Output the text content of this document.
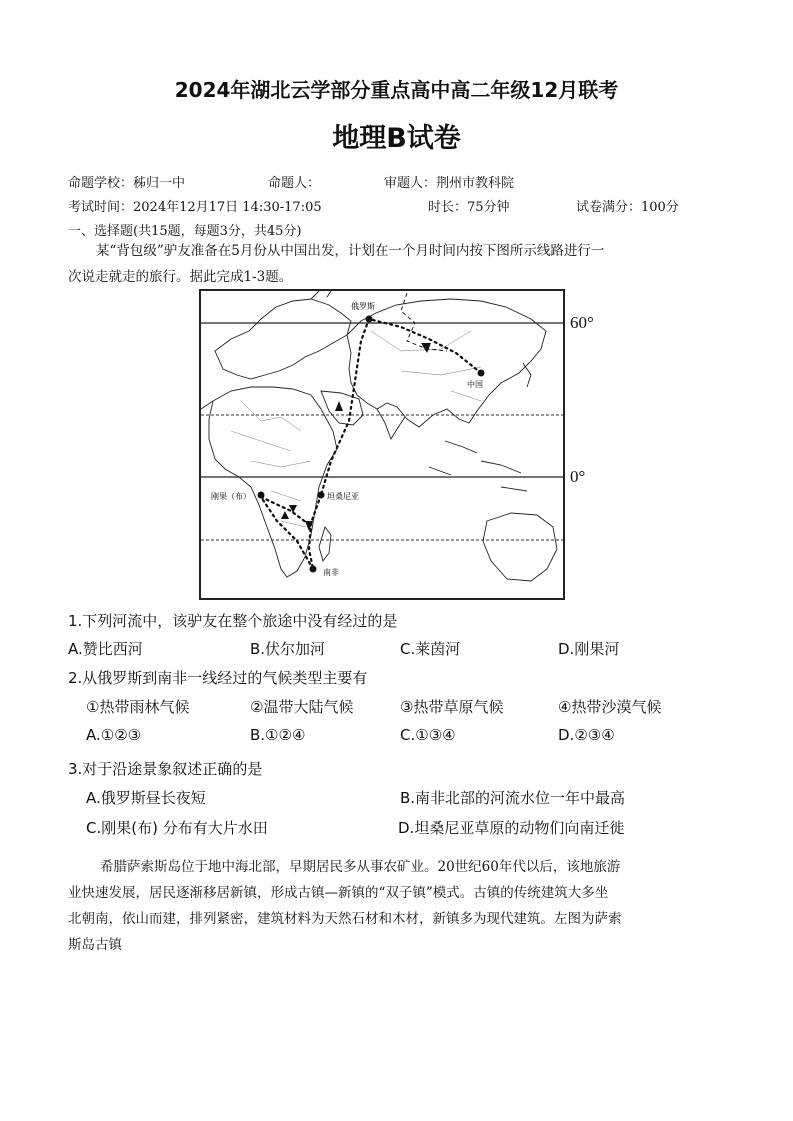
2024年湖北云学部分重点高中高二年级12月联考
地理B试卷
命题学校：秭归一中	命题人：	审题人：荆州市教科院
考试时间：2024年12月17日 14:30-17:05	时长：75分钟	试卷满分：100分
一、选择题(共15题，每题3分，共45分)
某“背包级”驴友准备在5月份从中国出发，计划在一个月时间内按下图所示线路进行一
次说走就走的旅行。据此完成1-3题。
俄罗斯
中国
坦桑尼亚
刚果（布）
南非
60°
0°
1.下列河流中，该驴友在整个旅途中没有经过的是
A.赞比西河	B.伏尔加河	C.莱茵河	D.刚果河
2.从俄罗斯到南非一线经过的气候类型主要有
①热带雨林气候	②温带大陆气候	③热带草原气候	④热带沙漠气候
A.①②③	B.①②④	C.①③④	D.②③④
3.对于沿途景象叙述正确的是
A.俄罗斯昼长夜短	B.南非北部的河流水位一年中最高
C.刚果(布) 分布有大片水田	D.坦桑尼亚草原的动物们向南迁徙
希腊萨索斯岛位于地中海北部，早期居民多从事农矿业。20世纪60年代以后，该地旅游
业快速发展，居民逐渐移居新镇，形成古镇—新镇的“双子镇”模式。古镇的传统建筑大多坐
北朝南，依山而建，排列紧密，建筑材料为天然石材和木材，新镇多为现代建筑。左图为萨索
斯岛古镇
